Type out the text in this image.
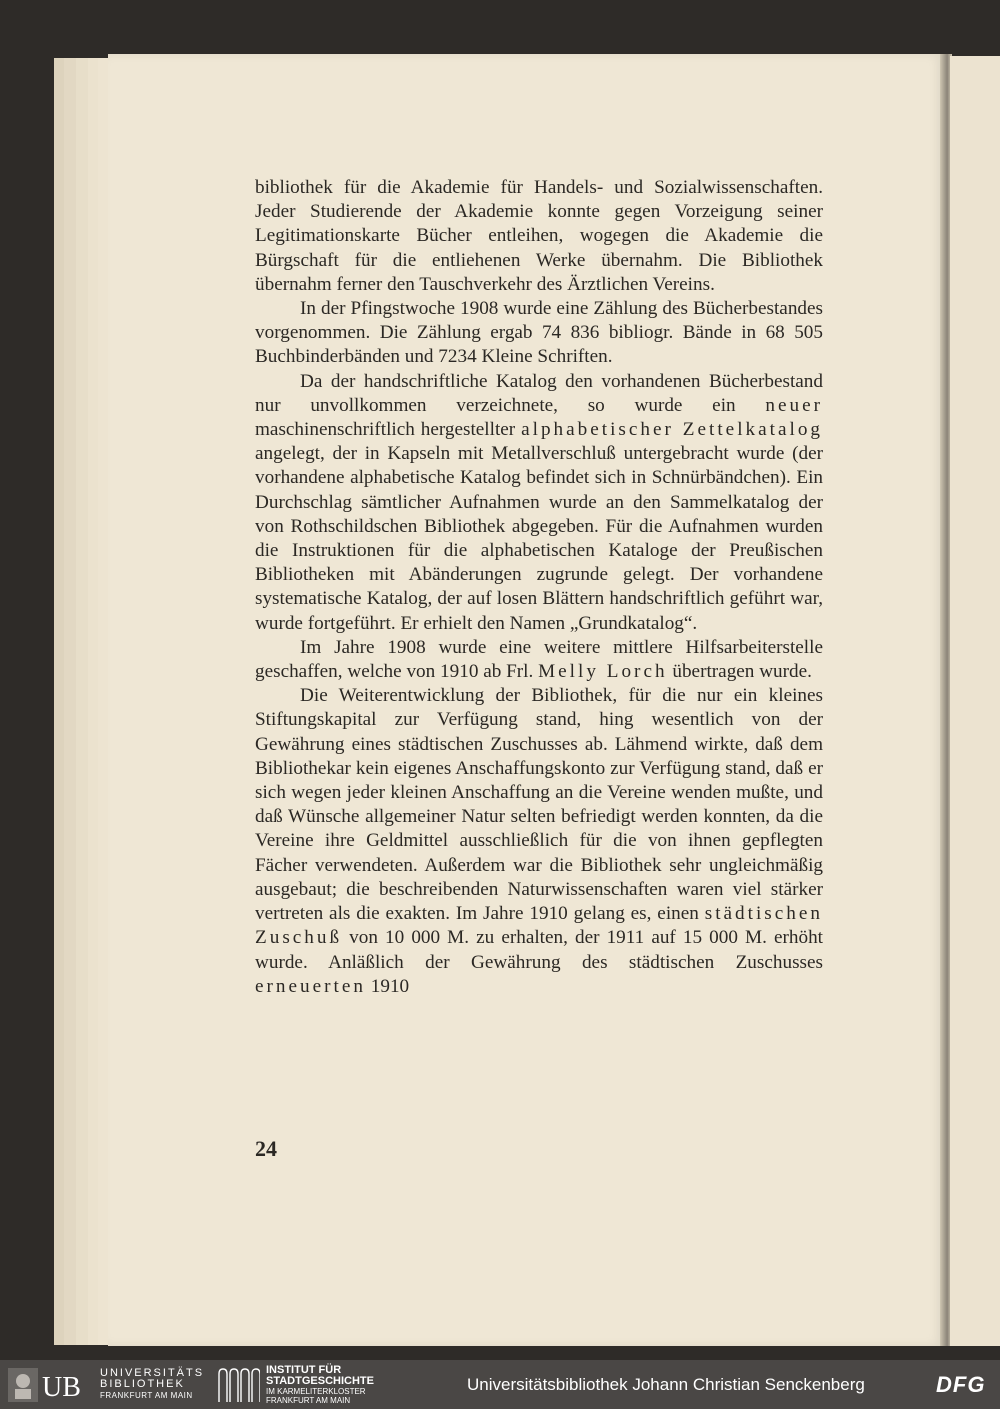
bibliothek für die Akademie für Handels- und Sozialwissenschaften. Jeder Studierende der Akademie konnte gegen Vorzeigung seiner Legitimationskarte Bücher entleihen, wogegen die Akademie die Bürgschaft für die entliehenen Werke übernahm. Die Bibliothek übernahm ferner den Tauschverkehr des Ärztlichen Vereins.

In der Pfingstwoche 1908 wurde eine Zählung des Bücherbestandes vorgenommen. Die Zählung ergab 74 836 bibliogr. Bände in 68 505 Buchbinderbänden und 7234 Kleine Schriften.

Da der handschriftliche Katalog den vorhandenen Bücherbestand nur unvollkommen verzeichnete, so wurde ein neuer maschinenschriftlich hergestellter alphabetischer Zettelkatalog angelegt, der in Kapseln mit Metallverschluß untergebracht wurde (der vorhandene alphabetische Katalog befindet sich in Schnürbändchen). Ein Durchschlag sämtlicher Aufnahmen wurde an den Sammelkatalog der von Rothschildschen Bibliothek abgegeben. Für die Aufnahmen wurden die Instruktionen für die alphabetischen Kataloge der Preußischen Bibliotheken mit Abänderungen zugrunde gelegt. Der vorhandene systematische Katalog, der auf losen Blättern handschriftlich geführt war, wurde fortgeführt. Er erhielt den Namen „Grundkatalog“.

Im Jahre 1908 wurde eine weitere mittlere Hilfsarbeiterstelle geschaffen, welche von 1910 ab Frl. Melly Lorch übertragen wurde.

Die Weiterentwicklung der Bibliothek, für die nur ein kleines Stiftungskapital zur Verfügung stand, hing wesentlich von der Gewährung eines städtischen Zuschusses ab. Lähmend wirkte, daß dem Bibliothekar kein eigenes Anschaffungskonto zur Verfügung stand, daß er sich wegen jeder kleinen Anschaffung an die Vereine wenden mußte, und daß Wünsche allgemeiner Natur selten befriedigt werden konnten, da die Vereine ihre Geldmittel ausschließlich für die von ihnen gepflegten Fächer verwendeten. Außerdem war die Bibliothek sehr ungleichmäßig ausgebaut; die beschreibenden Naturwissenschaften waren viel stärker vertreten als die exakten. Im Jahre 1910 gelang es, einen städtischen Zuschuß von 10 000 M. zu erhalten, der 1911 auf 15 000 M. erhöht wurde. Anläßlich der Gewährung des städtischen Zuschusses erneuerten 1910

24
UB UNIVERSITÄTS
BIBLIOTHEK
FRANKFURT AM MAIN
INSTITUT FÜR
STADTGESCHICHTE
IM KARMELITERKLOSTER
FRANKFURT AM MAIN
Universitätsbibliothek Johann Christian Senckenberg	DFG
